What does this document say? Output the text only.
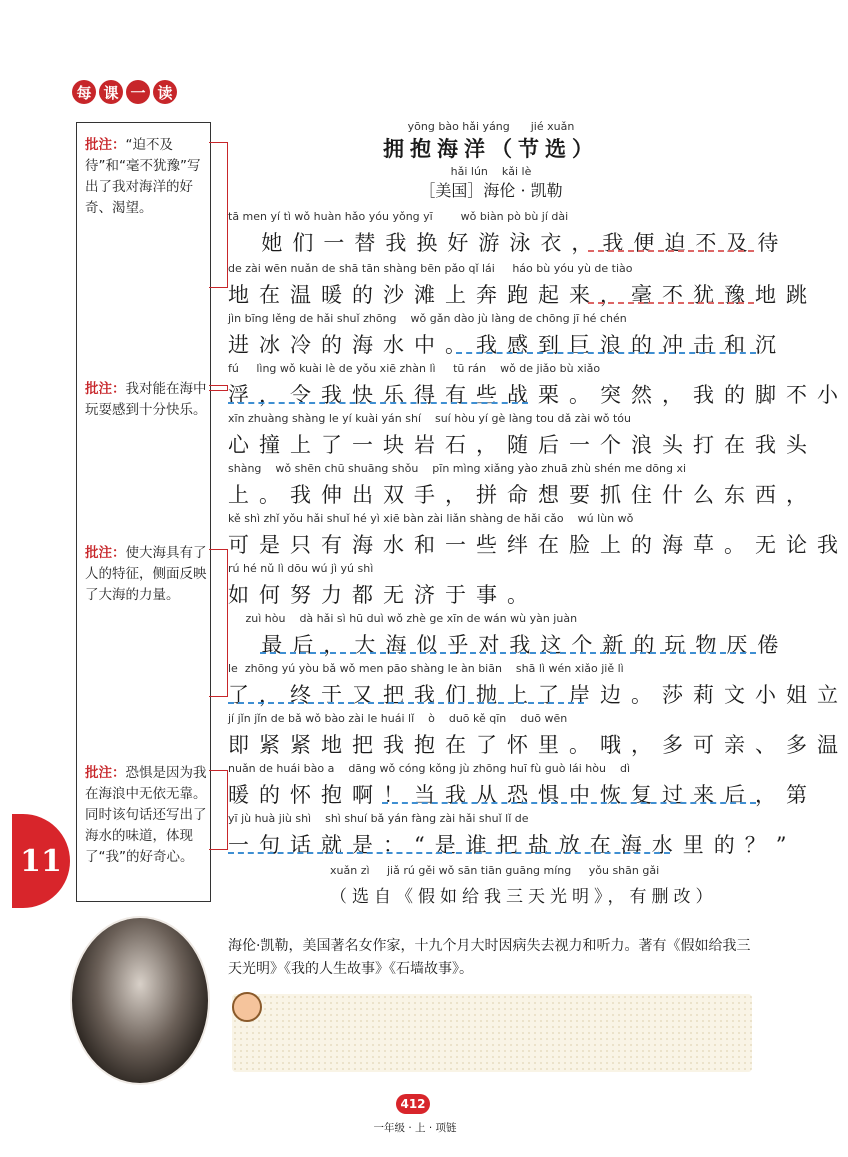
每 课 一 读
批注：“迫不及待”和“毫不犹豫”写出了我对海洋的好奇、渴望。
批注：我对能在海中玩耍感到十分快乐。
批注：使大海具有了人的特征，侧面反映了大海的力量。
批注：恐惧是因为我在海浪中无依无靠。同时该句话还写出了海水的味道，体现了“我”的好奇心。
11
yōng bào hǎi yáng      jié xuǎn
拥抱海洋（节选）
hǎi lún    kǎi lè
［美国］海伦 · 凯勒
tā men yí tì wǒ huàn hǎo yóu yǒng yī        wǒ biàn pò bù jí dài
她们一替我换好游泳衣，我便迫不及待
de zài wēn nuǎn de shā tān shàng bēn pǎo qǐ lái     háo bù yóu yù de tiào
地在温暖的沙滩上奔跑起来，毫不犹豫地跳
jìn bīng lěng de hǎi shuǐ zhōng    wǒ gǎn dào jù làng de chōng jī hé chén
进冰冷的海水中。我感到巨浪的冲击和沉
fú     lìng wǒ kuài lè de yǒu xiē zhàn lì     tū rán    wǒ de jiǎo bù xiǎo
浮，令我快乐得有些战栗。突然，我的脚不小
xīn zhuàng shàng le yí kuài yán shí    suí hòu yí gè làng tou dǎ zài wǒ tóu
心撞上了一块岩石，随后一个浪头打在我头
shàng    wǒ shēn chū shuāng shǒu    pīn mìng xiǎng yào zhuā zhù shén me dōng xi
上。我伸出双手，拼命想要抓住什么东西，
kě shì zhǐ yǒu hǎi shuǐ hé yì xiē bàn zài liǎn shàng de hǎi cǎo    wú lùn wǒ
可是只有海水和一些绊在脸上的海草。无论我
rú hé nǔ lì dōu wú jì yú shì
如何努力都无济于事。
zuì hòu    dà hǎi sì hū duì wǒ zhè ge xīn de wán wù yàn juàn
最后，大海似乎对我这个新的玩物厌倦
le  zhōng yú yòu bǎ wǒ men pāo shàng le àn biān    shā lì wén xiǎo jiě lì
了，终于又把我们抛上了岸边。莎莉文小姐立
jí jǐn jǐn de bǎ wǒ bào zài le huái lǐ    ò    duō kě qīn    duō wēn
即紧紧地把我抱在了怀里。哦，多可亲、多温
nuǎn de huái bào a    dāng wǒ cóng kǒng jù zhōng huī fù guò lái hòu    dì
暖的怀抱啊！当我从恐惧中恢复过来后，第
yī jù huà jiù shì    shì shuí bǎ yán fàng zài hǎi shuǐ lǐ de
一句话就是：“是谁把盐放在海水里的？”
xuǎn zì     jiǎ rú gěi wǒ sān tiān guāng míng     yǒu shān gǎi
（选自《假如给我三天光明》，有删改）
海伦·凯勒，美国著名女作家，十九个月大时因病失去视力和听力。著有《假如给我三天光明》《我的人生故事》《石墙故事》。
412
一年级 · 上 · 项链
